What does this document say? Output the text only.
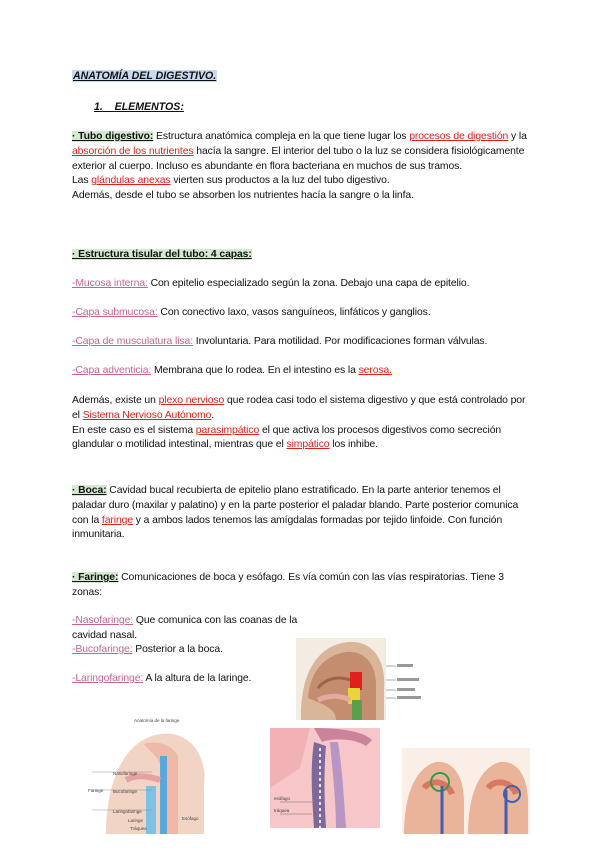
ANATOMÍA DEL DIGESTIVO.
1. ELEMENTOS:
· Tubo digestivo: Estructura anatómica compleja en la que tiene lugar los procesos de digestión y la absorción de los nutrientes hacía la sangre. El interior del tubo o la luz se considera fisiológicamente exterior al cuerpo. Incluso es abundante en flora bacteriana en muchos de sus tramos.
Las glándulas anexas vierten sus productos a la luz del tubo digestivo.
Además, desde el tubo se absorben los nutrientes hacía la sangre o la linfa.
· Estructura tisular del tubo: 4 capas:
-Mucosa interna: Con epitelio especializado según la zona. Debajo una capa de epitelio.
-Capa submucosa: Con conectivo laxo, vasos sanguíneos, linfáticos y ganglios.
-Capa de musculatura lisa: Involuntaria. Para motilidad. Por modificaciones forman válvulas.
-Capa adventicia: Membrana que lo rodea. En el intestino es la serosa.
Además, existe un plexo nervioso que rodea casi todo el sistema digestivo y que está controlado por el Sistema Nervioso Autónomo.
En este caso es el sistema parasimpático el que activa los procesos digestivos como secreción glandular o motilidad intestinal, mientras que el simpático los inhibe.
· Boca: Cavidad bucal recubierta de epitelio plano estratificado. En la parte anterior tenemos el paladar duro (maxilar y palatino) y en la parte posterior el paladar blando. Parte posterior comunica con la faringe y a ambos lados tenemos las amígdalas formadas por tejido linfoide. Con función inmunitaria.
· Faringe: Comunicaciones de boca y esófago. Es vía común con las vías respiratorias. Tiene 3 zonas:
-Nasofaringe: Que comunica con las coanas de la cavidad nasal.
-Bucofaringe: Posterior a la boca.
-Laringofaringe: A la altura de la laringe.
Anatomía de la faringe
Nasofaringe
Faringe Bucofaringe
Laringofaringe
Laringe	Esófago
Tráquea
esófago
tráquea
